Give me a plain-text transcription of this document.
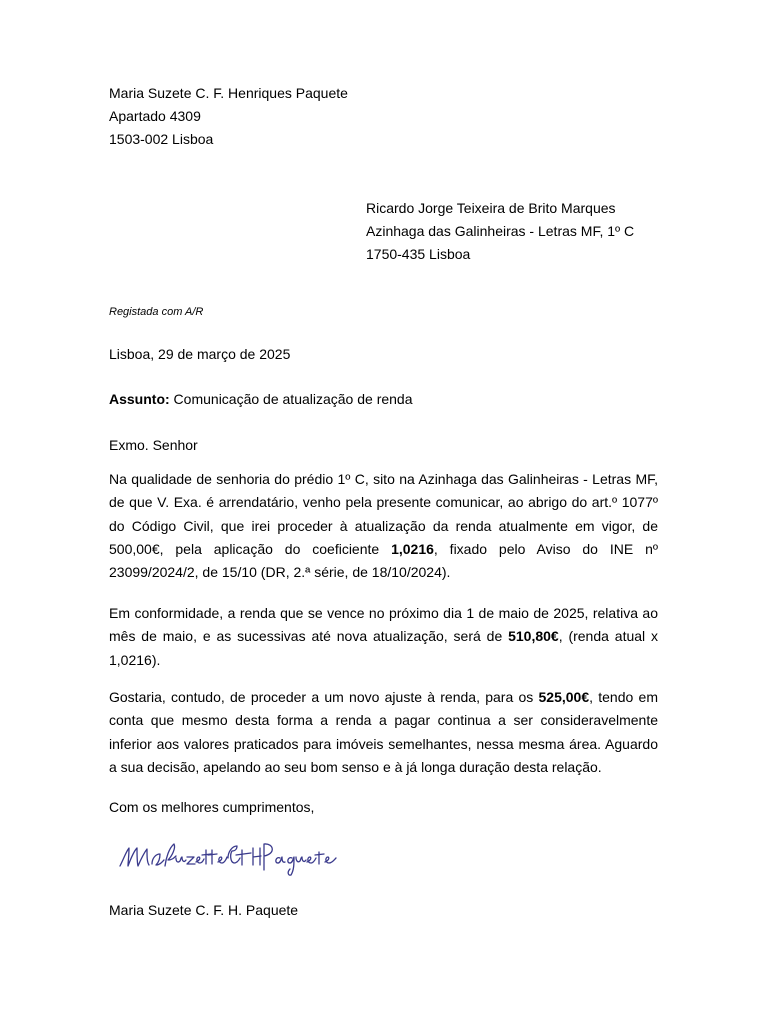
Maria Suzete C. F. Henriques Paquete
Apartado 4309
1503-002 Lisboa
Ricardo Jorge Teixeira de Brito Marques
Azinhaga das Galinheiras - Letras MF, 1º C
1750-435 Lisboa
Registada com A/R
Lisboa, 29 de março de 2025
Assunto: Comunicação de atualização de renda
Exmo. Senhor

Na qualidade de senhoria do prédio 1º C, sito na Azinhaga das Galinheiras - Letras MF, de que V. Exa. é arrendatário, venho pela presente comunicar, ao abrigo do art.º 1077º do Código Civil, que irei proceder à atualização da renda atualmente em vigor, de 500,00€, pela aplicação do coeficiente 1,0216, fixado pelo Aviso do INE nº 23099/2024/2, de 15/10 (DR, 2.ª série, de 18/10/2024).

Em conformidade, a renda que se vence no próximo dia 1 de maio de 2025, relativa ao mês de maio, e as sucessivas até nova atualização, será de 510,80€, (renda atual x 1,0216).

Gostaria, contudo, de proceder a um novo ajuste à renda, para os 525,00€, tendo em conta que mesmo desta forma a renda a pagar continua a ser consideravelmente inferior aos valores praticados para imóveis semelhantes, nessa mesma área. Aguardo a sua decisão, apelando ao seu bom senso e à já longa duração desta relação.

Com os melhores cumprimentos,
Maria Suzete C. F. H. Paquete
